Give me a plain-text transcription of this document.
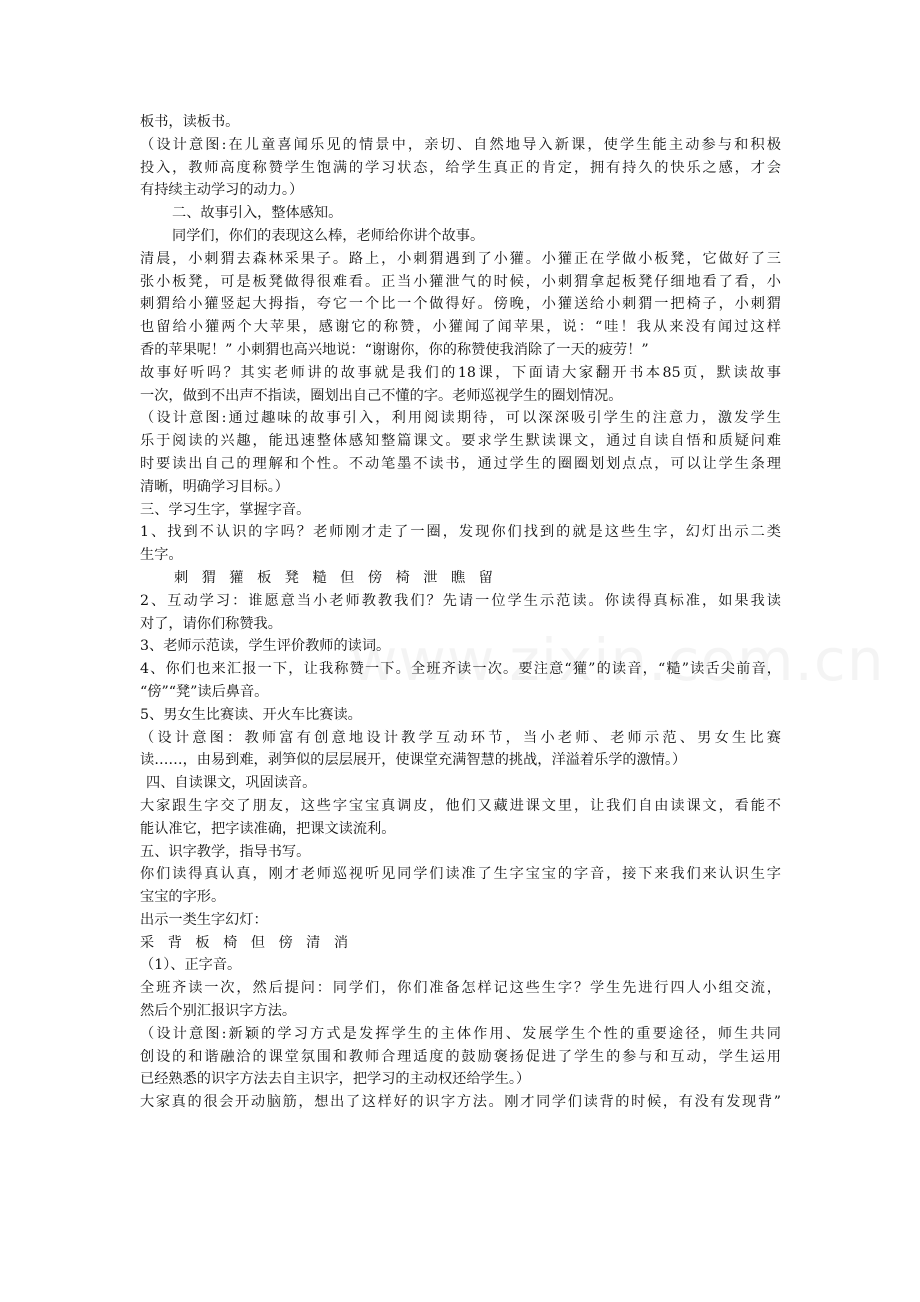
板书，读板书。
（设计意图:在儿童喜闻乐见的情景中，亲切、自然地导入新课，使学生能主动参与和积极
投入，教师高度称赞学生饱满的学习状态，给学生真正的肯定，拥有持久的快乐之感，才会
有持续主动学习的动力。）
二、故事引入，整体感知。
同学们，你们的表现这么棒，老师给你讲个故事。
清晨，小刺猬去森林采果子。路上，小刺猬遇到了小獾。小獾正在学做小板凳，它做好了三
张小板凳，可是板凳做得很难看。正当小獾泄气的时候，小刺猬拿起板凳仔细地看了看，小
刺猬给小獾竖起大拇指，夸它一个比一个做得好。傍晚，小獾送给小刺猬一把椅子，小刺猬
也留给小獾两个大苹果，感谢它的称赞，小獾闻了闻苹果，说：“哇！我从来没有闻过这样
香的苹果呢！” 小刺猬也高兴地说：“谢谢你，你的称赞使我消除了一天的疲劳！”
故事好听吗？其实老师讲的故事就是我们的18课，下面请大家翻开书本85页，默读故事
一次，做到不出声不指读，圈划出自己不懂的字。老师巡视学生的圈划情况。
（设计意图:通过趣味的故事引入，利用阅读期待，可以深深吸引学生的注意力，激发学生
乐于阅读的兴趣，能迅速整体感知整篇课文。要求学生默读课文，通过自读自悟和质疑问难
时要读出自己的理解和个性。不动笔墨不读书，通过学生的圈圈划划点点，可以让学生条理
清晰，明确学习目标。）
三、学习生字，掌握字音。
1、找到不认识的字吗？老师刚才走了一圈，发现你们找到的就是这些生字，幻灯出示二类
生字。
刺 猬 獾 板 凳 糙 但 傍 椅 泄 瞧 留
2、互动学习：谁愿意当小老师教教我们？先请一位学生示范读。你读得真标准，如果我读
对了，请你们称赞我。
3、老师示范读，学生评价教师的读词。
4、你们也来汇报一下，让我称赞一下。全班齐读一次。要注意“獾”的读音，“糙”读舌尖前音，
“傍”“凳”读后鼻音。
5、男女生比赛读、开火车比赛读。
（设计意图：教师富有创意地设计教学互动环节，当小老师、老师示范、男女生比赛
读……，由易到难，剥笋似的层层展开，使课堂充满智慧的挑战，洋溢着乐学的激情。）
四、自读课文，巩固读音。
大家跟生字交了朋友，这些字宝宝真调皮，他们又藏进课文里，让我们自由读课文，看能不
能认准它，把字读准确，把课文读流利。
五、识字教学，指导书写。
你们读得真认真，刚才老师巡视听见同学们读准了生字宝宝的字音，接下来我们来认识生字
宝宝的字形。
出示一类生字幻灯：
采 背 板 椅 但 傍 清 消
（1）、正字音。
全班齐读一次，然后提问：同学们，你们准备怎样记这些生字？学生先进行四人小组交流，
然后个别汇报识字方法。
（设计意图:新颖的学习方式是发挥学生的主体作用、发展学生个性的重要途径，师生共同
创设的和谐融洽的课堂氛围和教师合理适度的鼓励褒扬促进了学生的参与和互动，学生运用
已经熟悉的识字方法去自主识字，把学习的主动权还给学生。）
大家真的很会开动脑筋，想出了这样好的识字方法。刚才同学们读背的时候，有没有发现背”
